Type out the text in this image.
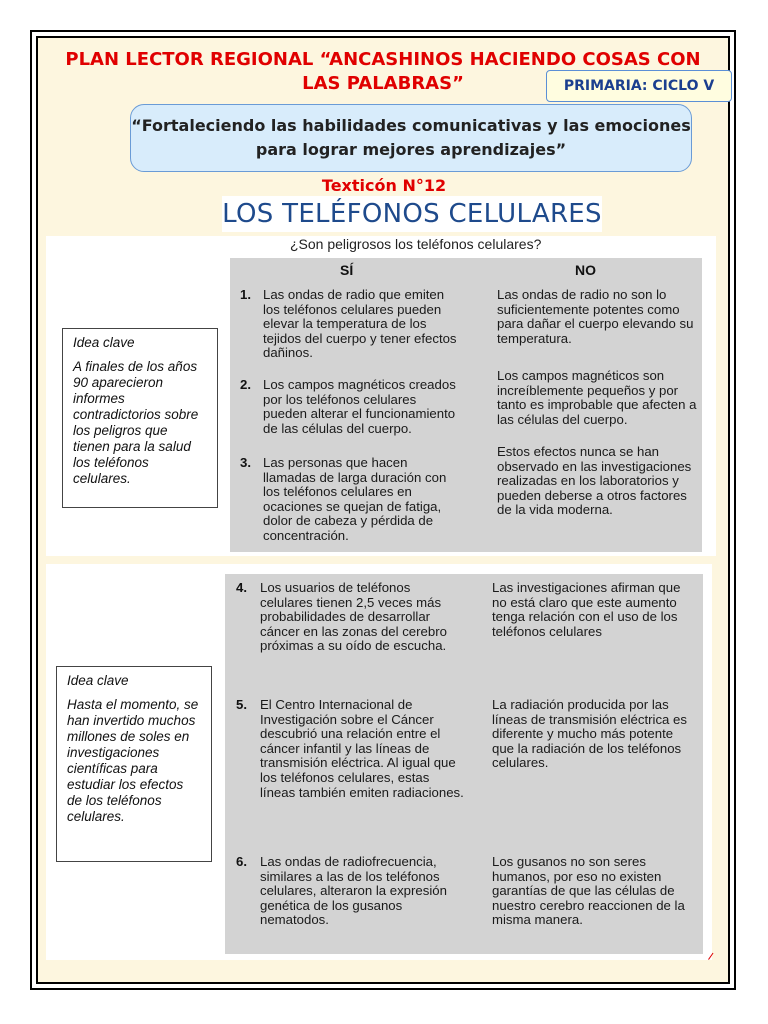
PLAN LECTOR REGIONAL “ANCASHINOS HACIENDO COSAS CON LAS PALABRAS”	PRIMARIA: CICLO V
“Fortaleciendo las habilidades comunicativas y las emociones para lograr mejores aprendizajes”
Texticón N°12
LOS TELÉFONOS CELULARES
¿Son peligrosos los teléfonos celulares?
SÍ	NO
Idea clave
A finales de los años 90 aparecieron informes contradictorios sobre los peligros que tienen para la salud los teléfonos celulares.
1. Las ondas de radio que emiten los teléfonos celulares pueden elevar la temperatura de los tejidos del cuerpo y tener efectos dañinos.
Las ondas de radio no son lo suficientemente potentes como para dañar el cuerpo elevando su temperatura.
2. Los campos magnéticos creados por los teléfonos celulares pueden alterar el funcionamiento de las células del cuerpo.
Los campos magnéticos son increíblemente pequeños y por tanto es improbable que afecten a las células del cuerpo.
3. Las personas que hacen llamadas de larga duración con los teléfonos celulares en ocaciones se quejan de fatiga, dolor de cabeza y pérdida de concentración.
Estos efectos nunca se han observado en las investigaciones realizadas en los laboratorios y pueden deberse a otros factores de la vida moderna.
Idea clave
Hasta el momento, se han invertido muchos millones de soles en investigaciones científicas para estudiar los efectos de los teléfonos celulares.
4. Los usuarios de teléfonos celulares tienen 2,5 veces más probabilidades de desarrollar cáncer en las zonas del cerebro próximas a su oído de escucha.
Las investigaciones afirman que no está claro que este aumento tenga relación con el uso de los teléfonos celulares
5. El Centro Internacional de Investigación sobre el Cáncer descubrió una relación entre el cáncer infantil y las líneas de transmisión eléctrica. Al igual que los teléfonos celulares, estas líneas también emiten radiaciones.
La radiación producida por las líneas de transmisión eléctrica es diferente y mucho más potente que la radiación de los teléfonos celulares.
6. Las ondas de radiofrecuencia, similares a las de los teléfonos celulares, alteraron la expresión genética de los gusanos nematodos.
Los gusanos no son seres humanos, por eso no existen garantías de que las células de nuestro cerebro reaccionen de la misma manera.
